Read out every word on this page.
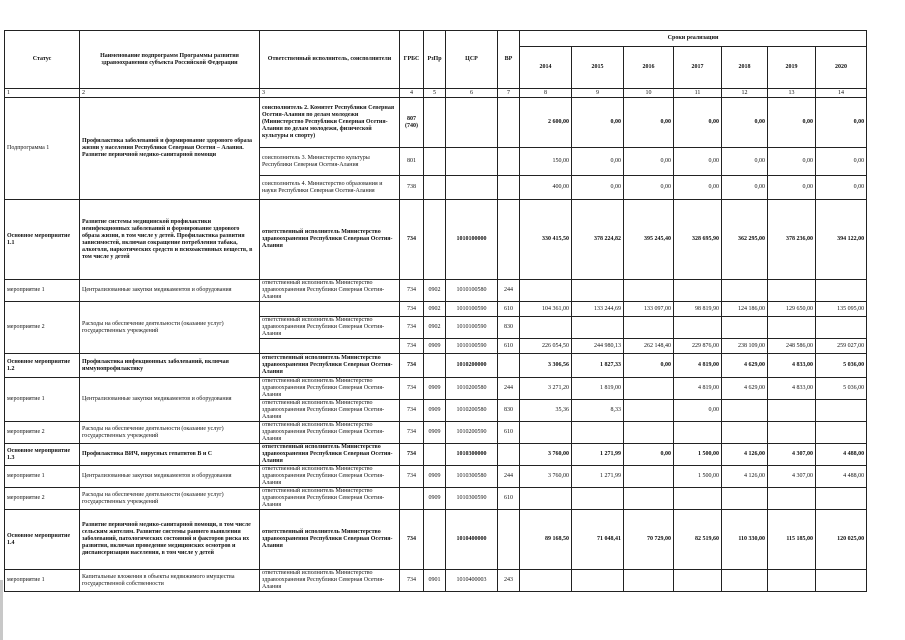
Статус	Наименование подпрограмм Программы развития здравоохранения субъекта Российской Федерации	Ответственный исполнитель, соисполнители	ГРБС	РзПр	ЦСР	ВР	Сроки реализации						
							2014	2015	2016	2017	2018	2019	2020
1	2	3	4	5	6	7	8	9	10	11	12	13	14
Подпрограмма 1	Профилактика заболеваний и формирование здорового образа жизни у населения Республики Северная Осетия – Алания. Развитие первичной медико-санитарной помощи	соисполнитель 2. Комитет Республики Северная Осетия-Алания по делам молодежи (Министерство Республики Северная Осетия-Алания по делам молодежи, физической культуры и спорту)	807 (740)				2 600,00	0,00	0,00	0,00	0,00	0,00	0,00
		соисполнитель 3. Министерство культуры Республики Северная Осетия-Алания	801				150,00	0,00	0,00	0,00	0,00	0,00	0,00
		соисполнитель 4. Министерство образования и науки Республики Северная Осетия-Алания	738				400,00	0,00	0,00	0,00	0,00	0,00	0,00
Основное мероприятие 1.1	Развитие системы медицинской профилактики неинфекционных заболеваний и формирование здорового образа жизни, в том числе у детей. Профилактика развития зависимостей, включая сокращение потребления табака, алкоголя, наркотических средств и психоактивных веществ, в том числе у детей	ответственный исполнитель Министерство здравоохранения Республики Северная Осетия-Алания	734		1010100000		330 415,50	378 224,82	395 245,40	328 695,90	362 295,00	378 236,00	394 122,00
мероприятие 1	Централизованные закупки медикаментов и оборудования	ответственный исполнитель Министерство здравоохранения Республики Северная Осетия-Алания	734	0902	1010100580	244							
мероприятие 2	Расходы на обеспечение деятельности (оказание услуг) государственных учреждений		734	0902	1010100590	610	104 361,00	133 244,69	133 097,00	98 819,90	124 186,00	129 650,00	135 095,00
		ответственный исполнитель Министерство здравоохранения Республики Северная Осетия-Алания	734	0902	1010100590	830							
			734	0909	1010100590	610	226 054,50	244 980,13	262 148,40	229 876,00	238 109,00	248 586,00	259 027,00
Основное мероприятие 1.2	Профилактика инфекционных заболеваний, включая иммунопрофилактику	ответственный исполнитель Министерство здравоохранения Республики Северная Осетия-Алания	734		1010200000		3 306,56	1 827,33	0,00	4 819,00	4 629,00	4 833,00	5 036,00
мероприятие 1	Централизованные закупки медикаментов и оборудования	ответственный исполнитель Министерство здравоохранения Республики Северная Осетия-Алания	734	0909	1010200580	244	3 271,20	1 819,00		4 819,00	4 629,00	4 833,00	5 036,00
		ответственный исполнитель Министерство здравоохранения Республики Северная Осетия-Алания	734	0909	1010200580	830	35,36	8,33		0,00			
мероприятие 2	Расходы на обеспечение деятельности (оказание услуг) государственных учреждений	ответственный исполнитель Министерство здравоохранения Республики Северная Осетия-Алания	734	0909	1010200590	610							
Основное мероприятие 1.3	Профилактика ВИЧ, вирусных гепатитов В и С	ответственный исполнитель Министерство здравоохранения Республики Северная Осетия-Алания	734		1010300000		3 760,00	1 271,99	0,00	1 500,00	4 126,00	4 307,00	4 488,00
мероприятие 1	Централизованные закупки медикаментов и оборудования	ответственный исполнитель Министерство здравоохранения Республики Северная Осетия-Алания	734	0909	1010300580	244	3 760,00	1 271,99		1 500,00	4 126,00	4 307,00	4 488,00
мероприятие 2	Расходы на обеспечение деятельности (оказание услуг) государственных учреждений	ответственный исполнитель Министерство здравоохранения Республики Северная Осетия-Алания		0909	1010300590	610							
Основное мероприятие 1.4	Развитие первичной медико-санитарной помощи, в том числе сельским жителям. Развитие системы раннего выявления заболеваний, патологических состояний и факторов риска их развития, включая проведение медицинских осмотров и диспансеризации населения, в том числе у детей	ответственный исполнитель Министерство здравоохранения Республики Северная Осетия-Алания	734		1010400000		89 168,50	71 048,41	70 729,00	82 519,60	110 330,00	115 185,00	120 025,00
мероприятие 1	Капитальные вложения в объекты недвижимого имущества государственной собственности	ответственный исполнитель Министерство здравоохранения Республики Северная Осетия-Алания	734	0901	1010400003	243							
